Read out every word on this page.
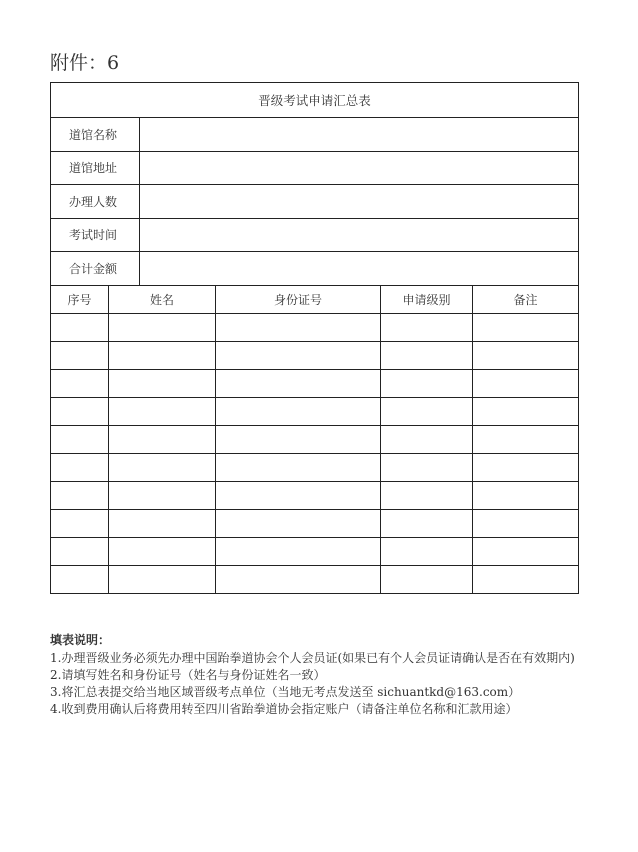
附件：6
晋级考试申请汇总表					
道馆名称					
道馆地址					
办理人数					
考试时间					
合计金额					
序号	姓名		身份证号	申请级别	备注

填表说明：
1.办理晋级业务必须先办理中国跆拳道协会个人会员证(如果已有个人会员证请确认是否在有效期内)
2.请填写姓名和身份证号（姓名与身份证姓名一致）
3.将汇总表提交给当地区域晋级考点单位（当地无考点发送至 sichuantkd@163.com）
4.收到费用确认后将费用转至四川省跆拳道协会指定账户（请备注单位名称和汇款用途）
